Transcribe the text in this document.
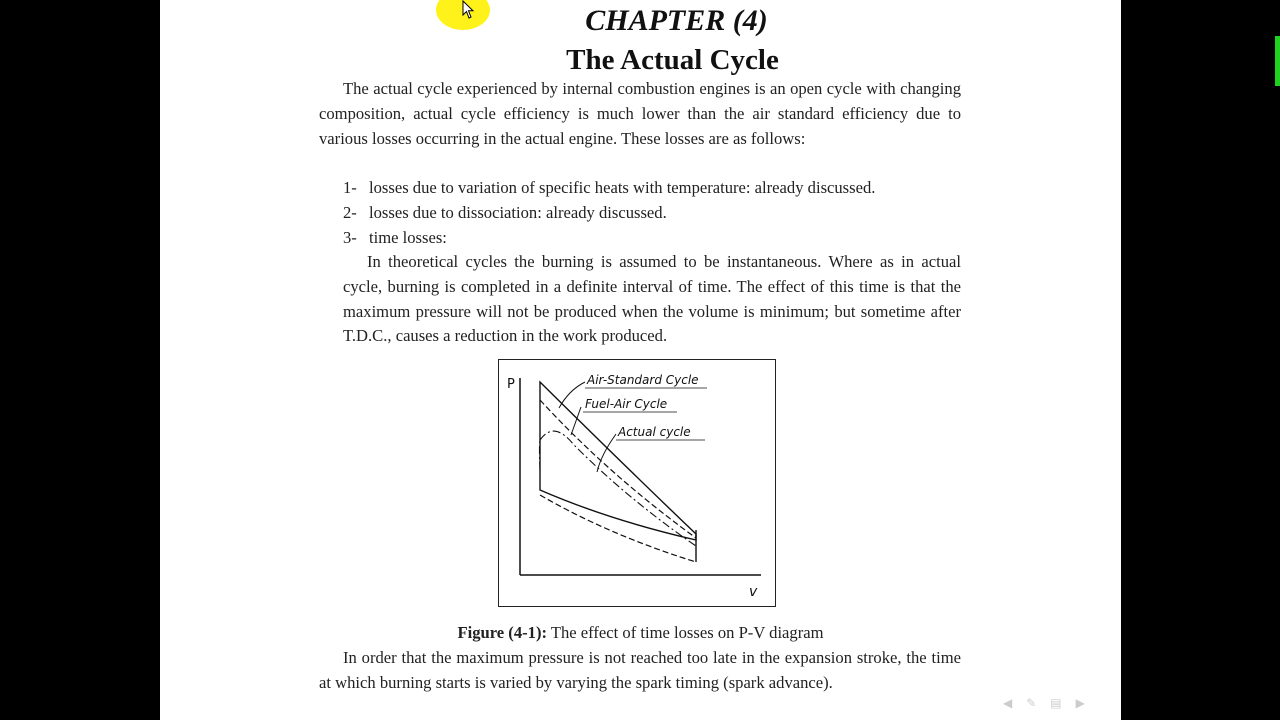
CHAPTER (4)
The Actual Cycle

The actual cycle experienced by internal combustion engines is an open cycle with changing composition, actual cycle efficiency is much lower than the air standard efficiency due to various losses occurring in the actual engine. These losses are as follows:

1- losses due to variation of specific heats with temperature: already discussed.
2- losses due to dissociation: already discussed.
3- time losses:

In theoretical cycles the burning is assumed to be instantaneous. Where as in actual cycle, burning is completed in a definite interval of time. The effect of this time is that the maximum pressure will not be produced when the volume is minimum; but sometime after T.D.C., causes a reduction in the work produced.

P
v
Air-Standard Cycle
Fuel-Air Cycle
Actual cycle
Figure (4-1): The effect of time losses on P-V diagram

In order that the maximum pressure is not reached too late in the expansion stroke, the time at which burning starts is varied by varying the spark timing (spark advance).

◀✎▤▶
